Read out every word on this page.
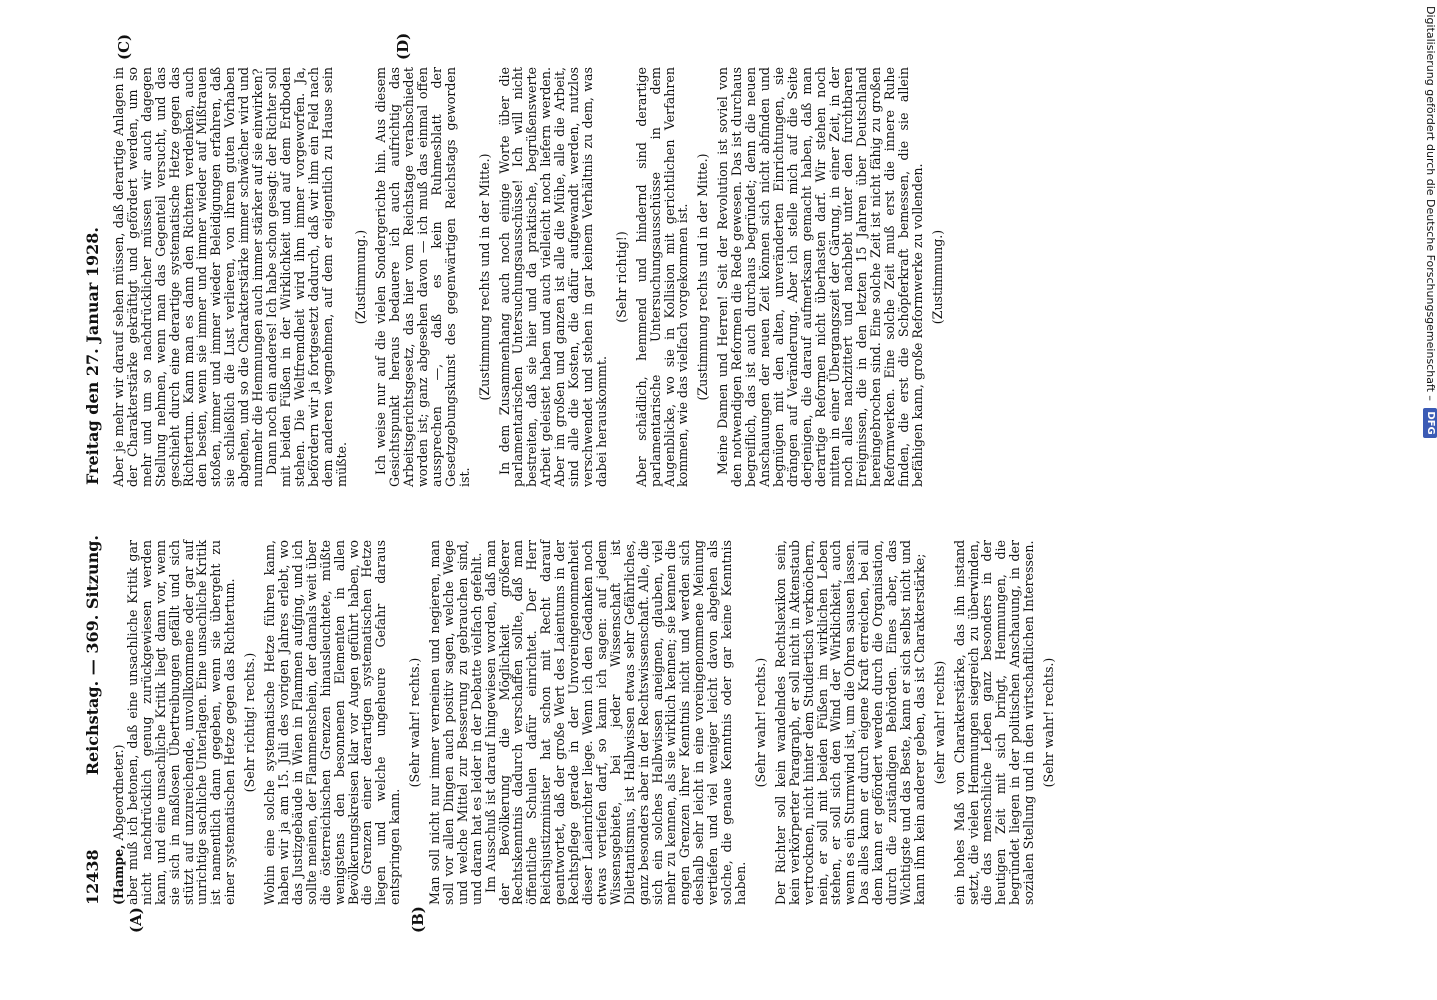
12438
Reichstag. — 369. Sitzung.
Freitag den 27. Januar 1928.
(A)	(B)
(C)	(D)

(Hampe, Abgeordneter.)

aber muß ich betonen, daß eine unsachliche Kritik gar nicht nachdrücklich genug zurückgewiesen werden kann, und eine unsachliche Kritik liegt dann vor, wenn sie sich in maßlosen Übertreibungen gefällt und sich stützt auf unzureichende, unvollkommene oder gar auf unrichtige sachliche Unterlagen. Eine unsachliche Kritik ist namentlich dann gegeben, wenn sie übergeht zu einer systematischen Hetze gegen das Richtertum. (Sehr richtig! rechts.) Wohin eine solche systematische Hetze führen kann, haben wir ja am 15. Juli des vorigen Jahres erlebt, wo das Justizgebäude in Wien in Flammen aufging, und ich sollte meinen, der Flammenschein, der damals weit über die österreichischen Grenzen hinausleuchtete, müßte wenigstens den besonnenen Elementen in allen Bevölkerungskreisen klar vor Augen geführt haben, wo die Grenzen einer derartigen systematischen Hetze liegen und welche ungeheure Gefahr daraus entspringen kann.

(Sehr wahr! rechts.) Man soll nicht nur immer verneinen und negieren, man soll vor allen Dingen auch positiv sagen, welche Wege und welche Mittel zur Besserung zu gebrauchen sind, und daran hat es leider in der Debatte vielfach gefehlt.

Im Ausschuß ist darauf hingewiesen worden, daß man der Bevölkerung die Möglichkeit größerer Rechtskenntnis dadurch verschaffen sollte, daß man öffentliche Schulen dafür einrichtet. Der Herr Reichsjustizminister hat schon mit Recht darauf geantwortet, daß der große Wert des Laientums in der Rechtspflege gerade in der Unvoreingenommenheit dieser Laienrichter liege. Wenn ich den Gedanken noch etwas vertiefen darf, so kann ich sagen: auf jedem Wissensgebiete, bei jeder Wissenschaft ist Dilettantismus, ist Halbwissen etwas sehr Gefährliches, ganz besonders aber in der Rechtswissenschaft. Alle, die sich ein solches Halbwissen aneignen, glauben, viel mehr zu kennen, als sie wirklich kennen; sie kennen die engen Grenzen ihrer Kenntnis nicht und werden sich deshalb sehr leicht in eine voreingenommene Meinung vertiefen und viel weniger leicht davon abgehen als solche, die genaue Kenntnis oder gar keine Kenntnis haben.

(Sehr wahr! rechts.) Der Richter soll kein wandelndes Rechtslexikon sein, kein verkörperter Paragraph, er soll nicht in Aktenstaub vertrocknen, nicht hinter dem Studiertisch verknöchern, nein, er soll mit beiden Füßen im wirklichen Leben stehen, er soll sich den Wind der Wirklichkeit, auch wenn es ein Sturmwind ist, um die Ohren sausen lassen. Das alles kann er durch eigene Kraft erreichen, bei all dem kann er gefördert werden durch die Organisation, durch die zuständigen Behörden. Eines aber, das Wichtigste und das Beste, kann er sich selbst nicht und kann ihm kein anderer geben, das ist Charakterstärke; (sehr wahr! rechts) ein hohes Maß von Charakterstärke, das ihn instand setzt, die vielen Hemmungen siegreich zu überwinden, die das menschliche Leben ganz besonders in der heutigen Zeit mit sich bringt, Hemmungen, die begründet liegen in der politischen Anschauung, in der sozialen Stellung und in den wirtschaftlichen Interessen. (Sehr wahr! rechts.)

Aber je mehr wir darauf sehen müssen, daß derartige Anlagen in der Charakterstärke gekräftigt und gefördert werden, um so mehr und um so nachdrücklicher müssen wir auch dagegen Stellung nehmen, wenn man das Gegenteil versucht, und das geschieht durch eine derartige systematische Hetze gegen das Richtertum. Kann man es dann den Richtern verdenken, auch den besten, wenn sie immer und immer wieder auf Mißtrauen stoßen, immer und immer wieder Beleidigungen erfahren, daß sie schließlich die Lust verlieren, von ihrem guten Vorhaben abgehen, und so die Charakterstärke immer schwächer wird und nunmehr die Hemmungen auch immer stärker auf sie einwirken?

Dann noch ein anderes! Ich habe schon gesagt: der Richter soll mit beiden Füßen in der Wirklichkeit und auf dem Erdboden stehen. Die Weltfremdheit wird ihm immer vorgeworfen. Ja, befördern wir ja fortgesetzt dadurch, daß wir ihm ein Feld nach dem anderen wegnehmen, auf dem er eigentlich zu Hause sein müßte.

(Zustimmung.) Ich weise nur auf die vielen Sondergerichte hin. Aus diesem Gesichtspunkt heraus bedauere ich auch aufrichtig das Arbeitsgerichtsgesetz, das hier vom Reichstage verabschiedet worden ist; ganz abgesehen davon — ich muß das einmal offen aussprechen —, daß es kein Ruhmesblatt der Gesetzgebungskunst des gegenwärtigen Reichstags geworden ist.

(Zustimmung rechts und in der Mitte.) In dem Zusammenhang auch noch einige Worte über die parlamentarischen Untersuchungsausschüsse! Ich will nicht bestreiten, daß sie hier und da praktische, begrüßenswerte Arbeit geleistet haben und auch vielleicht noch liefern werden. Aber im großen und ganzen ist alle die Mühe, alle die Arbeit, sind alle die Kosten, die dafür aufgewandt werden, nutzlos verschwendet und stehen in gar keinem Verhältnis zu dem, was dabei herauskommt.

(Sehr richtig!) Aber schädlich, hemmend und hindernd sind derartige parlamentarische Untersuchungsausschüsse in dem Augenblicke, wo sie in Kollision mit gerichtlichen Verfahren kommen, wie das vielfach vorgekommen ist. (Zustimmung rechts und in der Mitte.) Meine Damen und Herren! Seit der Revolution ist soviel von den notwendigen Reformen die Rede gewesen. Das ist durchaus begreiflich, das ist auch durchaus begründet; denn die neuen Anschauungen der neuen Zeit können sich nicht abfinden und begnügen mit den alten, unveränderten Einrichtungen, sie drängen auf Veränderung. Aber ich stelle mich auf die Seite derjenigen, die darauf aufmerksam gemacht haben, daß man derartige Reformen nicht überhasten darf. Wir stehen noch mitten in einer Übergangszeit der Gärung, in einer Zeit, in der noch alles nachzittert und nachbebt unter den furchtbaren Ereignissen, die in den letzten 15 Jahren über Deutschland hereingebrochen sind. Eine solche Zeit ist nicht fähig zu großen Reformwerken. Eine solche Zeit muß erst die innere Ruhe finden, die erst die Schöpferkraft bemessen, die sie allein befähigen kann, große Reformwerke zu vollenden. (Zustimmung.)	Digitalisierung gefördert durch die Deutsche Forschungsgemeinschaft – DFG
